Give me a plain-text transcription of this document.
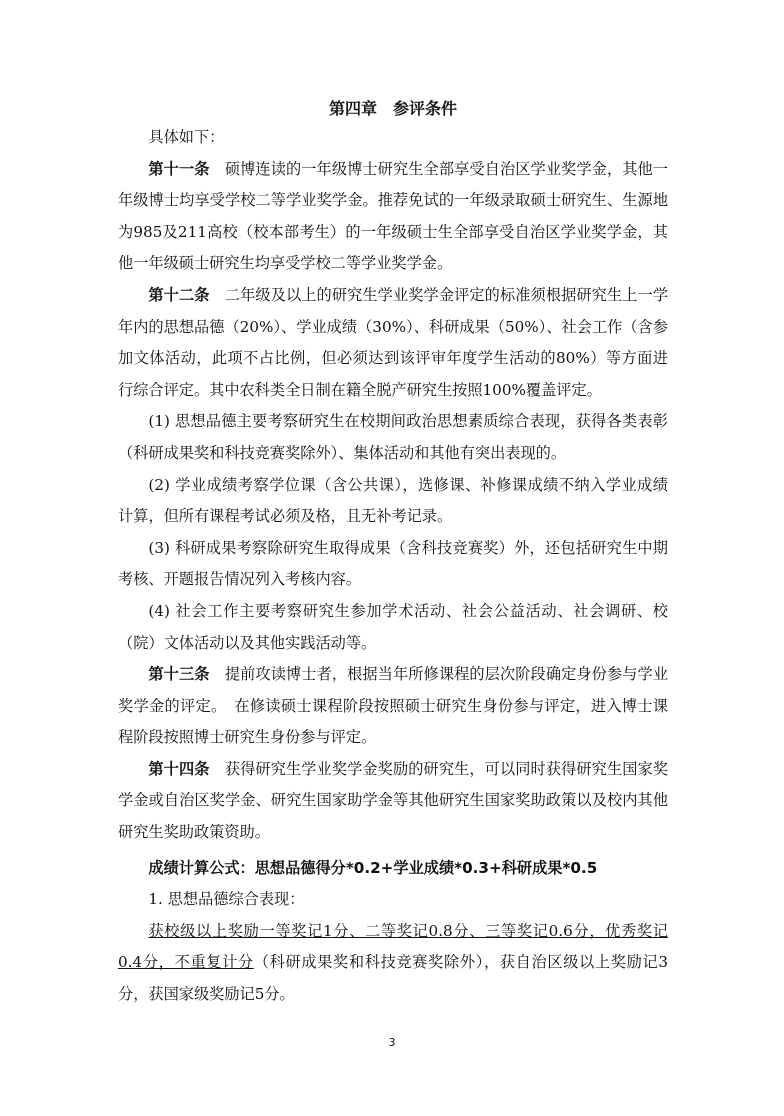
第四章　参评条件

具体如下：

第十一条　硕博连读的一年级博士研究生全部享受自治区学业奖学金，其他一年级博士均享受学校二等学业奖学金。推荐免试的一年级录取硕士研究生、生源地为985及211高校（校本部考生）的一年级硕士生全部享受自治区学业奖学金，其他一年级硕士研究生均享受学校二等学业奖学金。

第十二条　二年级及以上的研究生学业奖学金评定的标准须根据研究生上一学年内的思想品德（20%）、学业成绩（30%）、科研成果（50%）、社会工作（含参加文体活动，此项不占比例，但必须达到该评审年度学生活动的80%）等方面进行综合评定。其中农科类全日制在籍全脱产研究生按照100%覆盖评定。

(1) 思想品德主要考察研究生在校期间政治思想素质综合表现，获得各类表彰（科研成果奖和科技竞赛奖除外）、集体活动和其他有突出表现的。

(2) 学业成绩考察学位课（含公共课），选修课、补修课成绩不纳入学业成绩计算，但所有课程考试必须及格，且无补考记录。

(3) 科研成果考察除研究生取得成果（含科技竞赛奖）外，还包括研究生中期考核、开题报告情况列入考核内容。

(4) 社会工作主要考察研究生参加学术活动、社会公益活动、社会调研、校（院）文体活动以及其他实践活动等。

第十三条　提前攻读博士者，根据当年所修课程的层次阶段确定身份参与学业奖学金的评定。　在修读硕士课程阶段按照硕士研究生身份参与评定，进入博士课程阶段按照博士研究生身份参与评定。

第十四条　获得研究生学业奖学金奖励的研究生，可以同时获得研究生国家奖学金或自治区奖学金、研究生国家助学金等其他研究生国家奖助政策以及校内其他研究生奖助政策资助。

成绩计算公式：思想品德得分*0.2+学业成绩*0.3+科研成果*0.5

1. 思想品德综合表现：

获校级以上奖励一等奖记1分、二等奖记0.8分、三等奖记0.6分，优秀奖记0.4分，不重复计分（科研成果奖和科技竞赛奖除外），获自治区级以上奖励记3分，获国家级奖励记5分。

3
